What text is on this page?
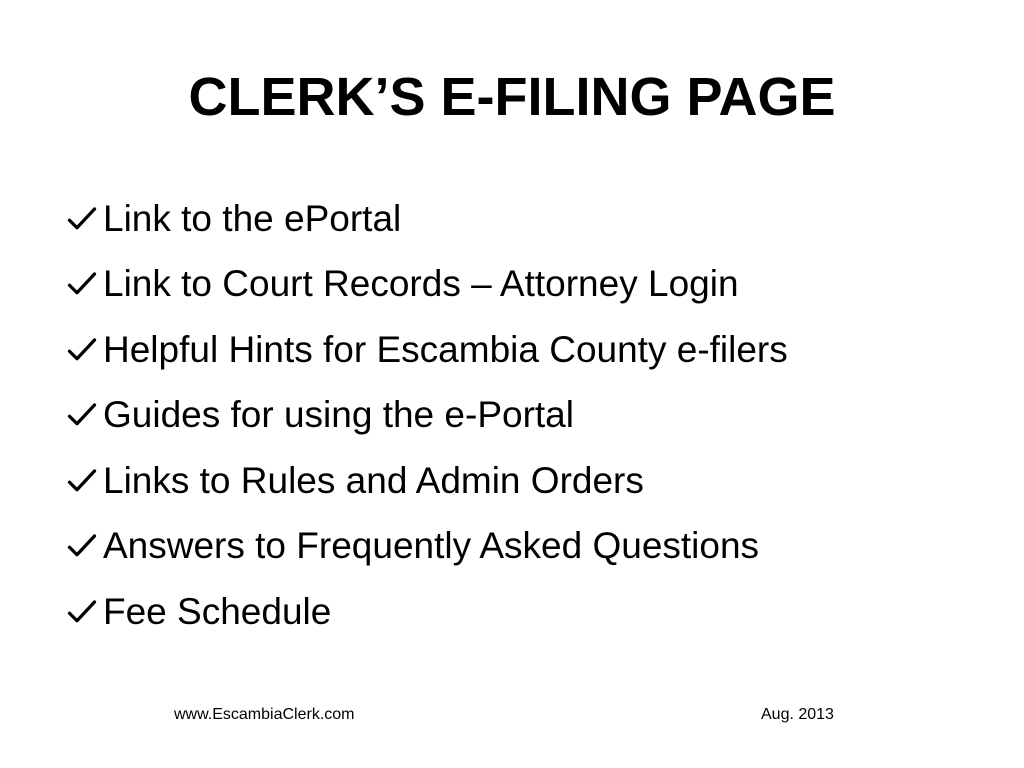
CLERK’S E-FILING PAGE
Link to the ePortal
Link to Court Records – Attorney Login
Helpful Hints for Escambia County e-filers
Guides for using the e-Portal
Links to Rules and Admin Orders
Answers to Frequently Asked Questions
Fee Schedule
www.EscambiaClerk.com	Aug. 2013
